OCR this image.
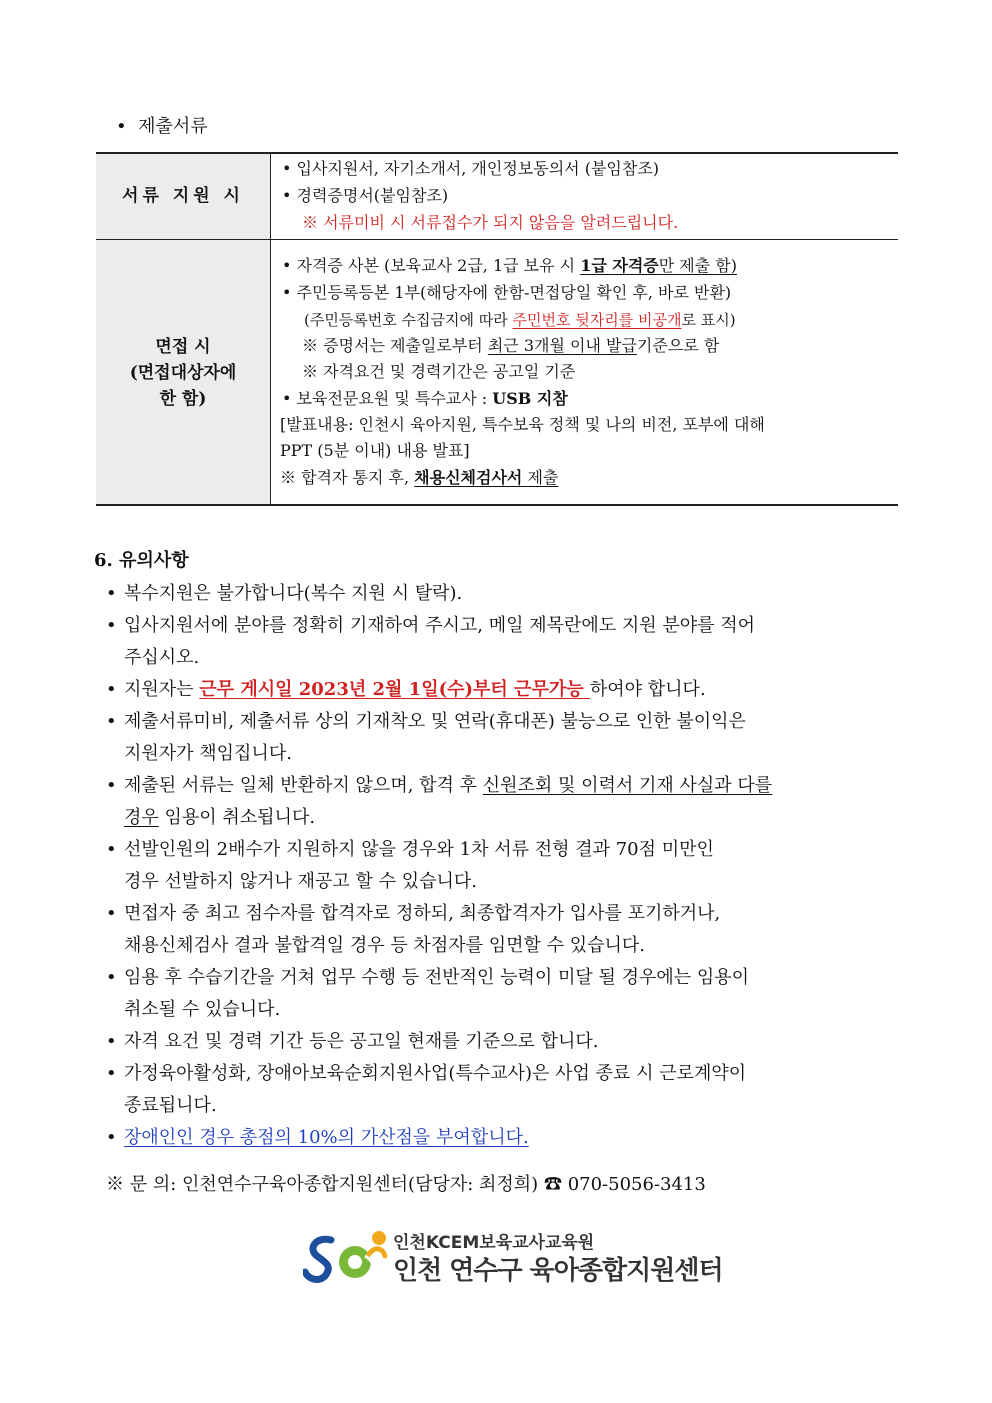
•  제출서류
서류 지원 시
• 입사지원서, 자기소개서, 개인정보동의서 (붙임참조)
• 경력증명서(붙임참조)
※ 서류미비 시 서류접수가 되지 않음을 알려드립니다.
면접 시
(면접대상자에
한 함)
• 자격증 사본 (보육교사 2급, 1급 보유 시 1급 자격증만 제출 함)
• 주민등록등본 1부(해당자에 한함-면접당일 확인 후, 바로 반환)
(주민등록번호 수집금지에 따라 주민번호 뒷자리를 비공개로 표시)
※ 증명서는 제출일로부터 최근 3개월 이내 발급기준으로 함
※ 자격요건 및 경력기간은 공고일 기준
• 보육전문요원 및 특수교사 : USB 지참
[발표내용: 인천시 육아지원, 특수보육 정책 및 나의 비전, 포부에 대해
PPT (5분 이내) 내용 발표]
※ 합격자 통지 후, 채용신체검사서 제출
6. 유의사항
• 복수지원은 불가합니다(복수 지원 시 탈락).
• 입사지원서에 분야를 정확히 기재하여 주시고, 메일 제목란에도 지원 분야를 적어
주십시오.
• 지원자는 근무 게시일 2023년 2월 1일(수)부터 근무가능 하여야 합니다.
• 제출서류미비, 제출서류 상의 기재착오 및 연락(휴대폰) 불능으로 인한 불이익은
지원자가 책임집니다.
• 제출된 서류는 일체 반환하지 않으며, 합격 후 신원조회 및 이력서 기재 사실과 다를
경우 임용이 취소됩니다.
• 선발인원의 2배수가 지원하지 않을 경우와 1차 서류 전형 결과 70점 미만인
경우 선발하지 않거나 재공고 할 수 있습니다.
• 면접자 중 최고 점수자를 합격자로 정하되, 최종합격자가 입사를 포기하거나,
채용신체검사 결과 불합격일 경우 등 차점자를 임면할 수 있습니다.
• 임용 후 수습기간을 거쳐 업무 수행 등 전반적인 능력이 미달 될 경우에는 임용이
취소될 수 있습니다.
• 자격 요건 및 경력 기간 등은 공고일 현재를 기준으로 합니다.
• 가정육아활성화, 장애아보육순회지원사업(특수교사)은 사업 종료 시 근로계약이
종료됩니다.
• 장애인인 경우 총점의 10%의 가산점을 부여합니다.
※ 문 의: 인천연수구육아종합지원센터(담당자: 최정희) ☎ 070-5056-3413
인천KCEM보육교사교육원
인천 연수구 육아종합지원센터
